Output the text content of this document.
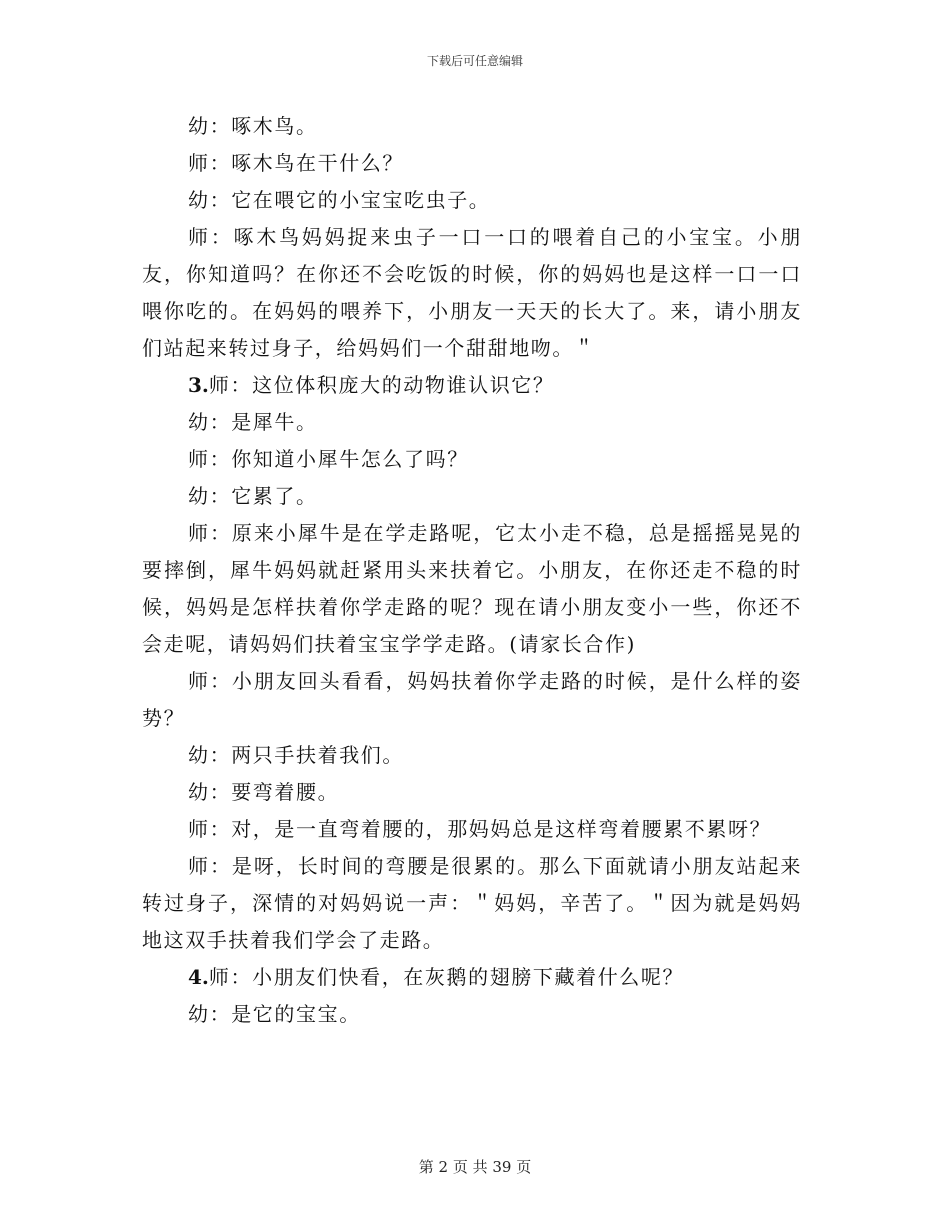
下载后可任意编辑

幼：啄木鸟。

师：啄木鸟在干什么？

幼：它在喂它的小宝宝吃虫子。

师：啄木鸟妈妈捉来虫子一口一口的喂着自己的小宝宝。小朋友，你知道吗？在你还不会吃饭的时候，你的妈妈也是这样一口一口喂你吃的。在妈妈的喂养下，小朋友一天天的长大了。来，请小朋友们站起来转过身子，给妈妈们一个甜甜地吻。＂

3.师：这位体积庞大的动物谁认识它？

幼：是犀牛。

师：你知道小犀牛怎么了吗？

幼：它累了。

师：原来小犀牛是在学走路呢，它太小走不稳，总是摇摇晃晃的要摔倒，犀牛妈妈就赶紧用头来扶着它。小朋友，在你还走不稳的时候，妈妈是怎样扶着你学走路的呢？现在请小朋友变小一些，你还不会走呢，请妈妈们扶着宝宝学学走路。(请家长合作)

师：小朋友回头看看，妈妈扶着你学走路的时候，是什么样的姿势？

幼：两只手扶着我们。

幼：要弯着腰。

师：对，是一直弯着腰的，那妈妈总是这样弯着腰累不累呀？

师：是呀，长时间的弯腰是很累的。那么下面就请小朋友站起来转过身子，深情的对妈妈说一声：＂妈妈，辛苦了。＂因为就是妈妈地这双手扶着我们学会了走路。

4.师：小朋友们快看，在灰鹅的翅膀下藏着什么呢？

幼：是它的宝宝。

第 2 页 共 39 页
